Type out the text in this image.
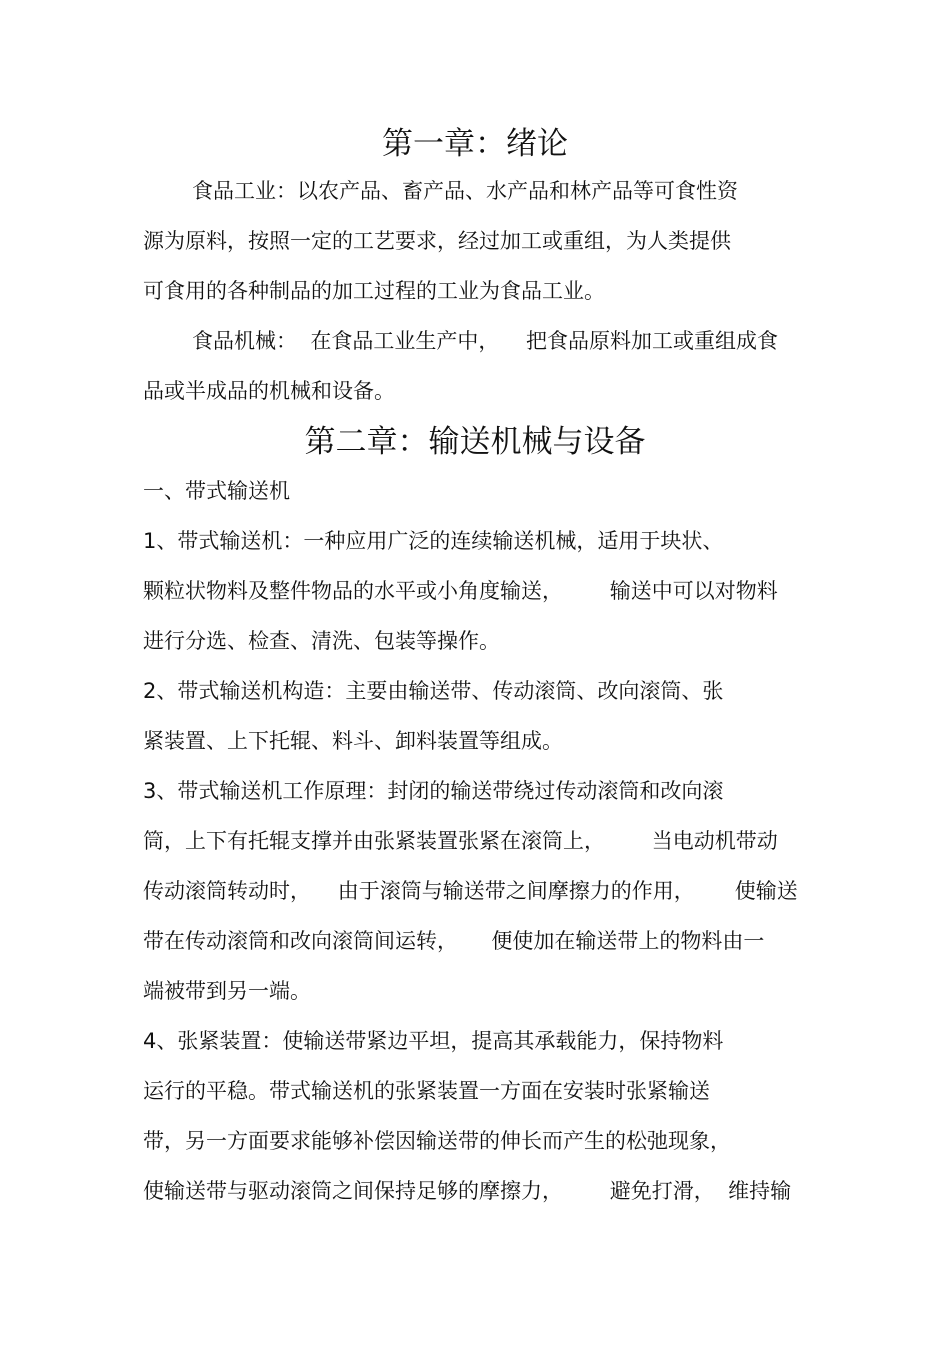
第一章：绪论
食品工业：以农产品、畜产品、水产品和林产品等可食性资
源为原料，按照一定的工艺要求，经过加工或重组，为人类提供
可食用的各种制品的加工过程的工业为食品工业。
食品机械：  在食品工业生产中，    把食品原料加工或重组成食
品或半成品的机械和设备。
第二章：输送机械与设备
一、带式输送机
1、带式输送机：一种应用广泛的连续输送机械，适用于块状、
颗粒状物料及整件物品的水平或小角度输送，       输送中可以对物料
进行分选、检查、清洗、包装等操作。
2、带式输送机构造：主要由输送带、传动滚筒、改向滚筒、张
紧装置、上下托辊、料斗、卸料装置等组成。
3、带式输送机工作原理：封闭的输送带绕过传动滚筒和改向滚
筒，上下有托辊支撑并由张紧装置张紧在滚筒上，       当电动机带动
传动滚筒转动时，    由于滚筒与输送带之间摩擦力的作用，      使输送
带在传动滚筒和改向滚筒间运转，     便使加在输送带上的物料由一
端被带到另一端。
4、张紧装置：使输送带紧边平坦，提高其承载能力，保持物料
运行的平稳。带式输送机的张紧装置一方面在安装时张紧输送
带，另一方面要求能够补偿因输送带的伸长而产生的松弛现象，
使输送带与驱动滚筒之间保持足够的摩擦力，       避免打滑，  维持输
